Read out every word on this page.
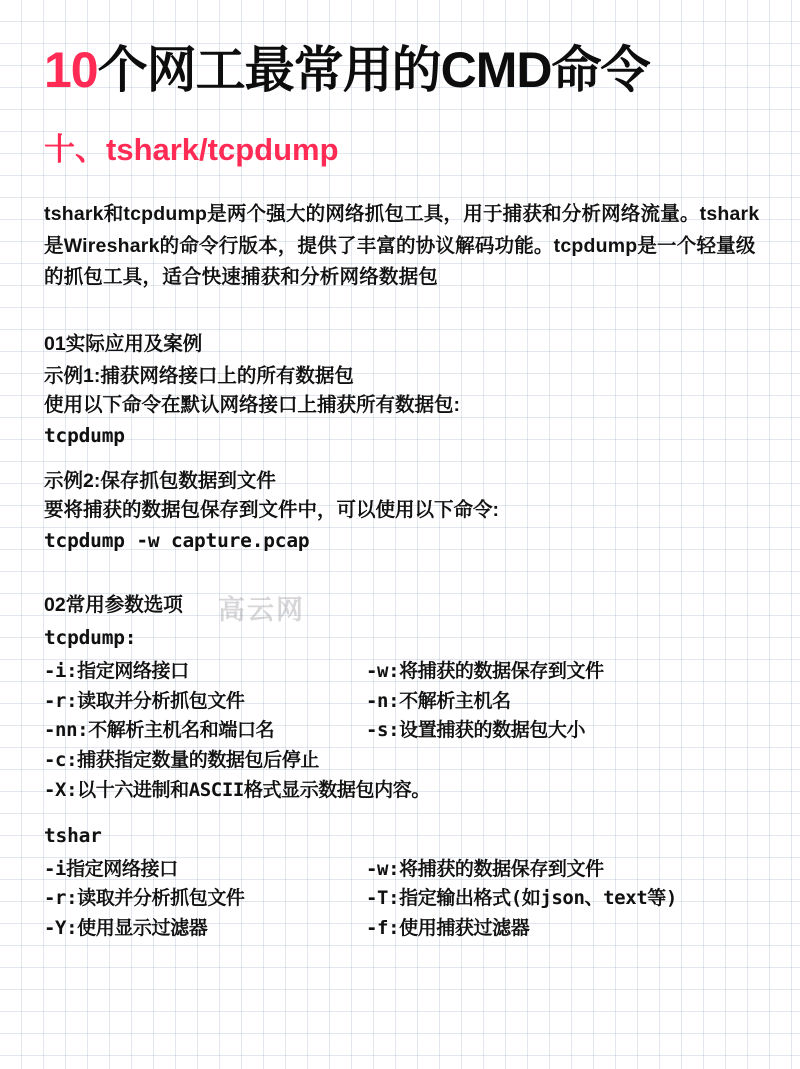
10个网工最常用的CMD命令
十、tshark/tcpdump

tshark和tcpdump是两个强大的网络抓包工具，用于捕获和分析网络流量。tshark是Wireshark的命令行版本，提供了丰富的协议解码功能。tcpdump是一个轻量级的抓包工具，适合快速捕获和分析网络数据包

01实际应用及案例
示例1:捕获网络接口上的所有数据包
使用以下命令在默认网络接口上捕获所有数据包:
tcpdump
示例2:保存抓包数据到文件
要将捕获的数据包保存到文件中，可以使用以下命令:
tcpdump -w capture.pcap
02常用参数选项
tcpdump:
-i:指定网络接口	-w:将捕获的数据保存到文件
-r:读取并分析抓包文件	-n:不解析主机名
-nn:不解析主机名和端口名	-s:设置捕获的数据包大小
-c:捕获指定数量的数据包后停止
-X:以十六进制和ASCII格式显示数据包内容。
tshar
-i指定网络接口	-w:将捕获的数据保存到文件
-r:读取并分析抓包文件	-T:指定输出格式(如json、text等)
-Y:使用显示过滤器	-f:使用捕获过滤器
高云网
